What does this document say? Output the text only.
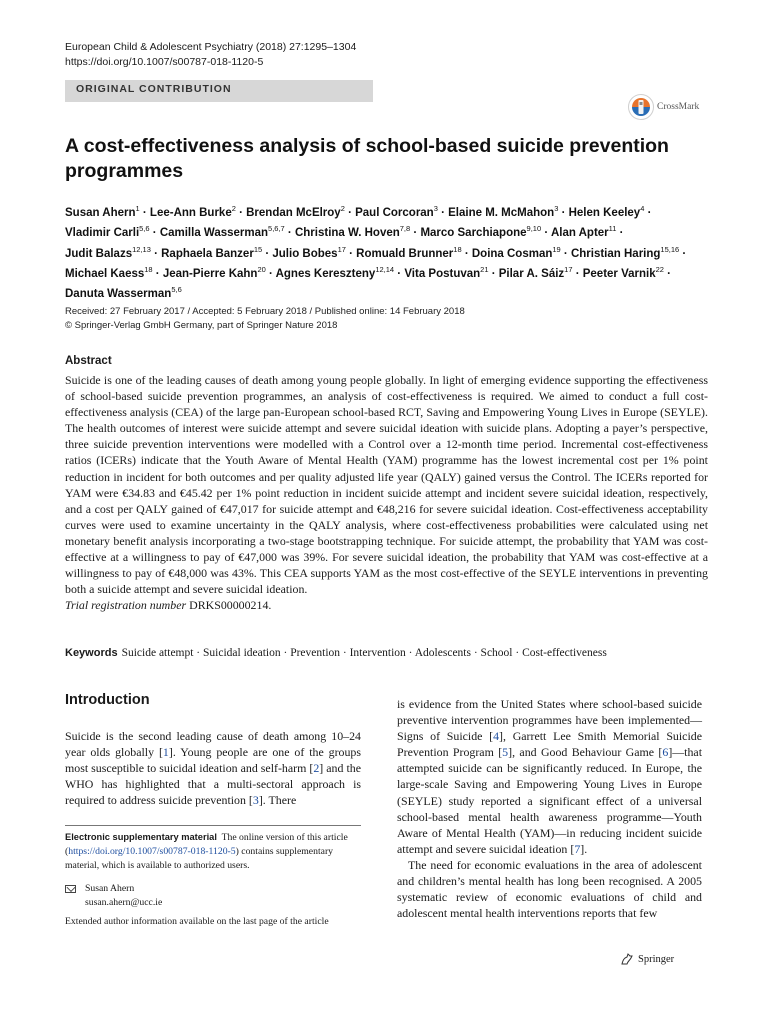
European Child & Adolescent Psychiatry (2018) 27:1295–1304
https://doi.org/10.1007/s00787-018-1120-5
ORIGINAL CONTRIBUTION
CrossMark
A cost-effectiveness analysis of school-based suicide prevention programmes
Susan Ahern$^1$ · Lee-Ann Burke$^2$ · Brendan McElroy$^2$ · Paul Corcoran$^3$ · Elaine M. McMahon$^3$ · Helen Keeley$^4$ ·
Vladimir Carli$^{5,6}$ · Camilla Wasserman$^{5,6,7}$ · Christina W. Hoven$^{7,8}$ · Marco Sarchiapone$^{9,10}$ · Alan Apter$^{11}$ ·
Judit Balazs$^{12,13}$ · Raphaela Banzer$^{15}$ · Julio Bobes$^{17}$ · Romuald Brunner$^{18}$ · Doina Cosman$^{19}$ · Christian Haring$^{15,16}$ ·
Michael Kaess$^{18}$ · Jean-Pierre Kahn$^{20}$ · Agnes Kereszteny$^{12,14}$ · Vita Postuvan$^{21}$ · Pilar A. Sáiz$^{17}$ · Peeter Varnik$^{22}$ ·
Danuta Wasserman$^{5,6}$
Received: 27 February 2017 / Accepted: 5 February 2018 / Published online: 14 February 2018
© Springer-Verlag GmbH Germany, part of Springer Nature 2018
Abstract

Suicide is one of the leading causes of death among young people globally. In light of emerging evidence supporting the effectiveness of school-based suicide prevention programmes, an analysis of cost-effectiveness is required. We aimed to conduct a full cost-effectiveness analysis (CEA) of the large pan-European school-based RCT, Saving and Empowering Young Lives in Europe (SEYLE). The health outcomes of interest were suicide attempt and severe suicidal ideation with suicide plans. Adopting a payer’s perspective, three suicide prevention interventions were modelled with a Control over a 12-month time period. Incremental cost-effectiveness ratios (ICERs) indicate that the Youth Aware of Mental Health (YAM) programme has the lowest incremental cost per 1% point reduction in incident for both outcomes and per quality adjusted life year (QALY) gained versus the Control. The ICERs reported for YAM were €34.83 and €45.42 per 1% point reduction in incident suicide attempt and incident severe suicidal ideation, respectively, and a cost per QALY gained of €47,017 for suicide attempt and €48,216 for severe suicidal ideation. Cost-effectiveness acceptability curves were used to examine uncertainty in the QALY analysis, where cost-effectiveness probabilities were calculated using net monetary benefit analysis incorporating a two-stage bootstrapping technique. For suicide attempt, the probability that YAM was cost-effective at a willingness to pay of €47,000 was 39%. For severe suicidal ideation, the probability that YAM was cost-effective at a willingness to pay of €48,000 was 43%. This CEA supports YAM as the most cost-effective of the SEYLE interventions in preventing both a suicide attempt and severe suicidal ideation.

Trial registration number DRKS00000214.

Keywords Suicide attempt · Suicidal ideation · Prevention · Intervention · Adolescents · School · Cost-effectiveness
Introduction

Suicide is the second leading cause of death among 10–24 year olds globally [1]. Young people are one of the groups most susceptible to suicidal ideation and self-harm [2] and the WHO has highlighted that a multi-sectoral approach is required to address suicide prevention [3]. There

Electronic supplementary material The online version of this article (https://doi.org/10.1007/s00787-018-1120-5) contains supplementary material, which is available to authorized users.
Susan Ahern
susan.ahern@ucc.ie
Extended author information available on the last page of the article

is evidence from the United States where school-based suicide preventive intervention programmes have been implemented—Signs of Suicide [4], Garrett Lee Smith Memorial Suicide Prevention Program [5], and Good Behaviour Game [6]—that attempted suicide can be significantly reduced. In Europe, the large-scale Saving and Empowering Young Lives in Europe (SEYLE) study reported a significant effect of a universal school-based mental health awareness programme—Youth Aware of Mental Health (YAM)—in reducing incident suicide attempt and severe suicidal ideation [7].

The need for economic evaluations in the area of adolescent and children’s mental health has long been recognised. A 2005 systematic review of economic evaluations of child and adolescent mental health interventions reports that few

Springer
